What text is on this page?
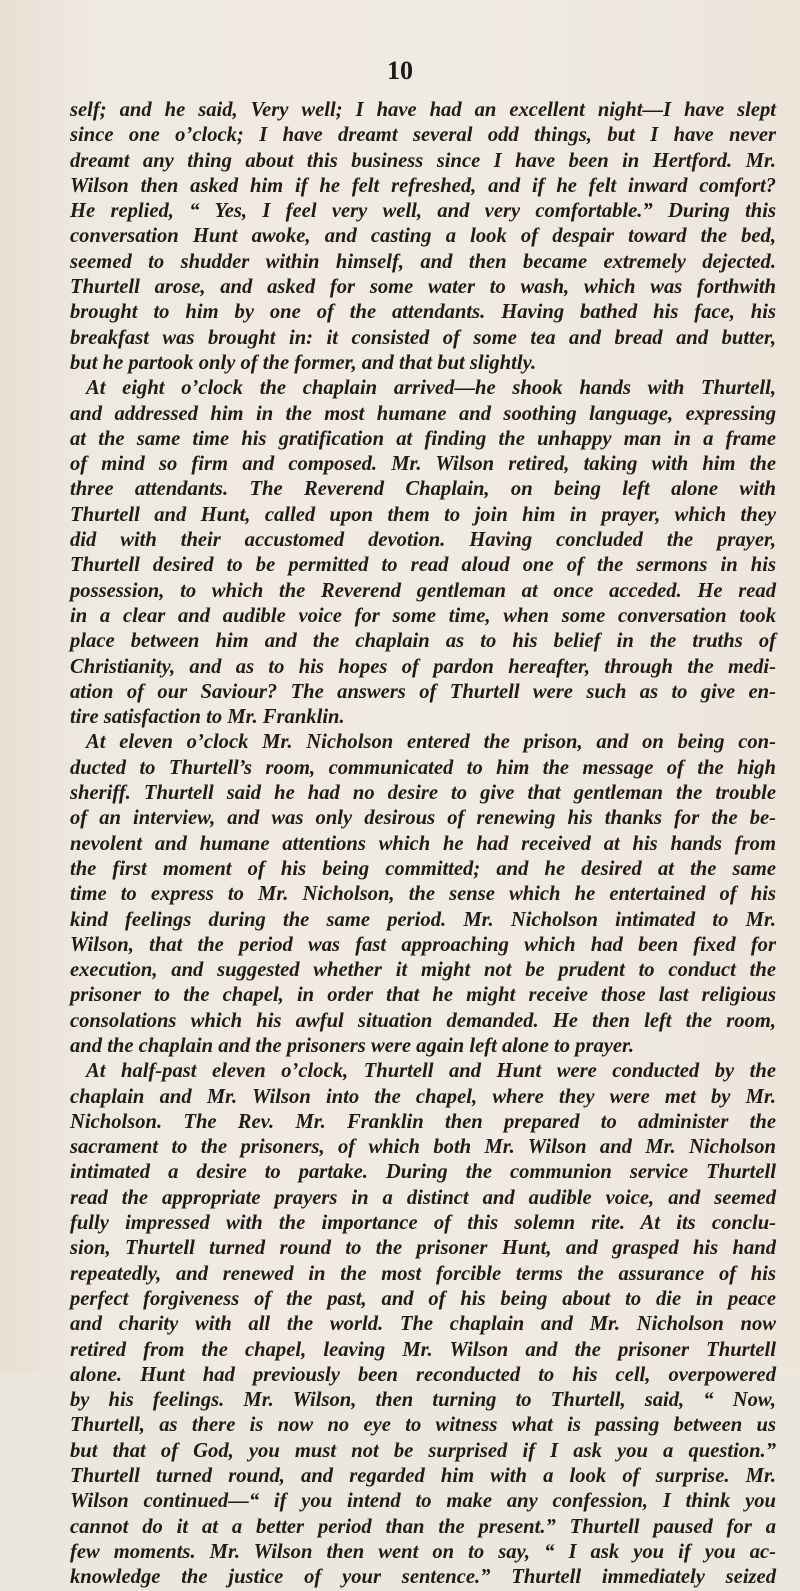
10
self; and he said, Very well; I have had an excellent night—I have slept
since one o’clock; I have dreamt several odd things, but I have never
dreamt any thing about this business since I have been in Hertford. Mr.
Wilson then asked him if he felt refreshed, and if he felt inward comfort?
He replied, “ Yes, I feel very well, and very comfortable.” During this
conversation Hunt awoke, and casting a look of despair toward the bed,
seemed to shudder within himself, and then became extremely dejected.
Thurtell arose, and asked for some water to wash, which was forthwith
brought to him by one of the attendants. Having bathed his face, his
breakfast was brought in: it consisted of some tea and bread and butter,
but he partook only of the former, and that but slightly.
At eight o’clock the chaplain arrived—he shook hands with Thurtell,
and addressed him in the most humane and soothing language, expressing
at the same time his gratification at finding the unhappy man in a frame
of mind so firm and composed. Mr. Wilson retired, taking with him the
three attendants. The Reverend Chaplain, on being left alone with
Thurtell and Hunt, called upon them to join him in prayer, which they
did with their accustomed devotion. Having concluded the prayer,
Thurtell desired to be permitted to read aloud one of the sermons in his
possession, to which the Reverend gentleman at once acceded. He read
in a clear and audible voice for some time, when some conversation took
place between him and the chaplain as to his belief in the truths of
Christianity, and as to his hopes of pardon hereafter, through the medi-
ation of our Saviour? The answers of Thurtell were such as to give en-
tire satisfaction to Mr. Franklin.
At eleven o’clock Mr. Nicholson entered the prison, and on being con-
ducted to Thurtell’s room, communicated to him the message of the high
sheriff. Thurtell said he had no desire to give that gentleman the trouble
of an interview, and was only desirous of renewing his thanks for the be-
nevolent and humane attentions which he had received at his hands from
the first moment of his being committed; and he desired at the same
time to express to Mr. Nicholson, the sense which he entertained of his
kind feelings during the same period. Mr. Nicholson intimated to Mr.
Wilson, that the period was fast approaching which had been fixed for
execution, and suggested whether it might not be prudent to conduct the
prisoner to the chapel, in order that he might receive those last religious
consolations which his awful situation demanded. He then left the room,
and the chaplain and the prisoners were again left alone to prayer.
At half-past eleven o’clock, Thurtell and Hunt were conducted by the
chaplain and Mr. Wilson into the chapel, where they were met by Mr.
Nicholson. The Rev. Mr. Franklin then prepared to administer the
sacrament to the prisoners, of which both Mr. Wilson and Mr. Nicholson
intimated a desire to partake. During the communion service Thurtell
read the appropriate prayers in a distinct and audible voice, and seemed
fully impressed with the importance of this solemn rite. At its conclu-
sion, Thurtell turned round to the prisoner Hunt, and grasped his hand
repeatedly, and renewed in the most forcible terms the assurance of his
perfect forgiveness of the past, and of his being about to die in peace
and charity with all the world. The chaplain and Mr. Nicholson now
retired from the chapel, leaving Mr. Wilson and the prisoner Thurtell
alone. Hunt had previously been reconducted to his cell, overpowered
by his feelings. Mr. Wilson, then turning to Thurtell, said, “ Now,
Thurtell, as there is now no eye to witness what is passing between us
but that of God, you must not be surprised if I ask you a question.”
Thurtell turned round, and regarded him with a look of surprise. Mr.
Wilson continued—“ if you intend to make any confession, I think you
cannot do it at a better period than the present.” Thurtell paused for a
few moments. Mr. Wilson then went on to say, “ I ask you if you ac-
knowledge the justice of your sentence.” Thurtell immediately seized
